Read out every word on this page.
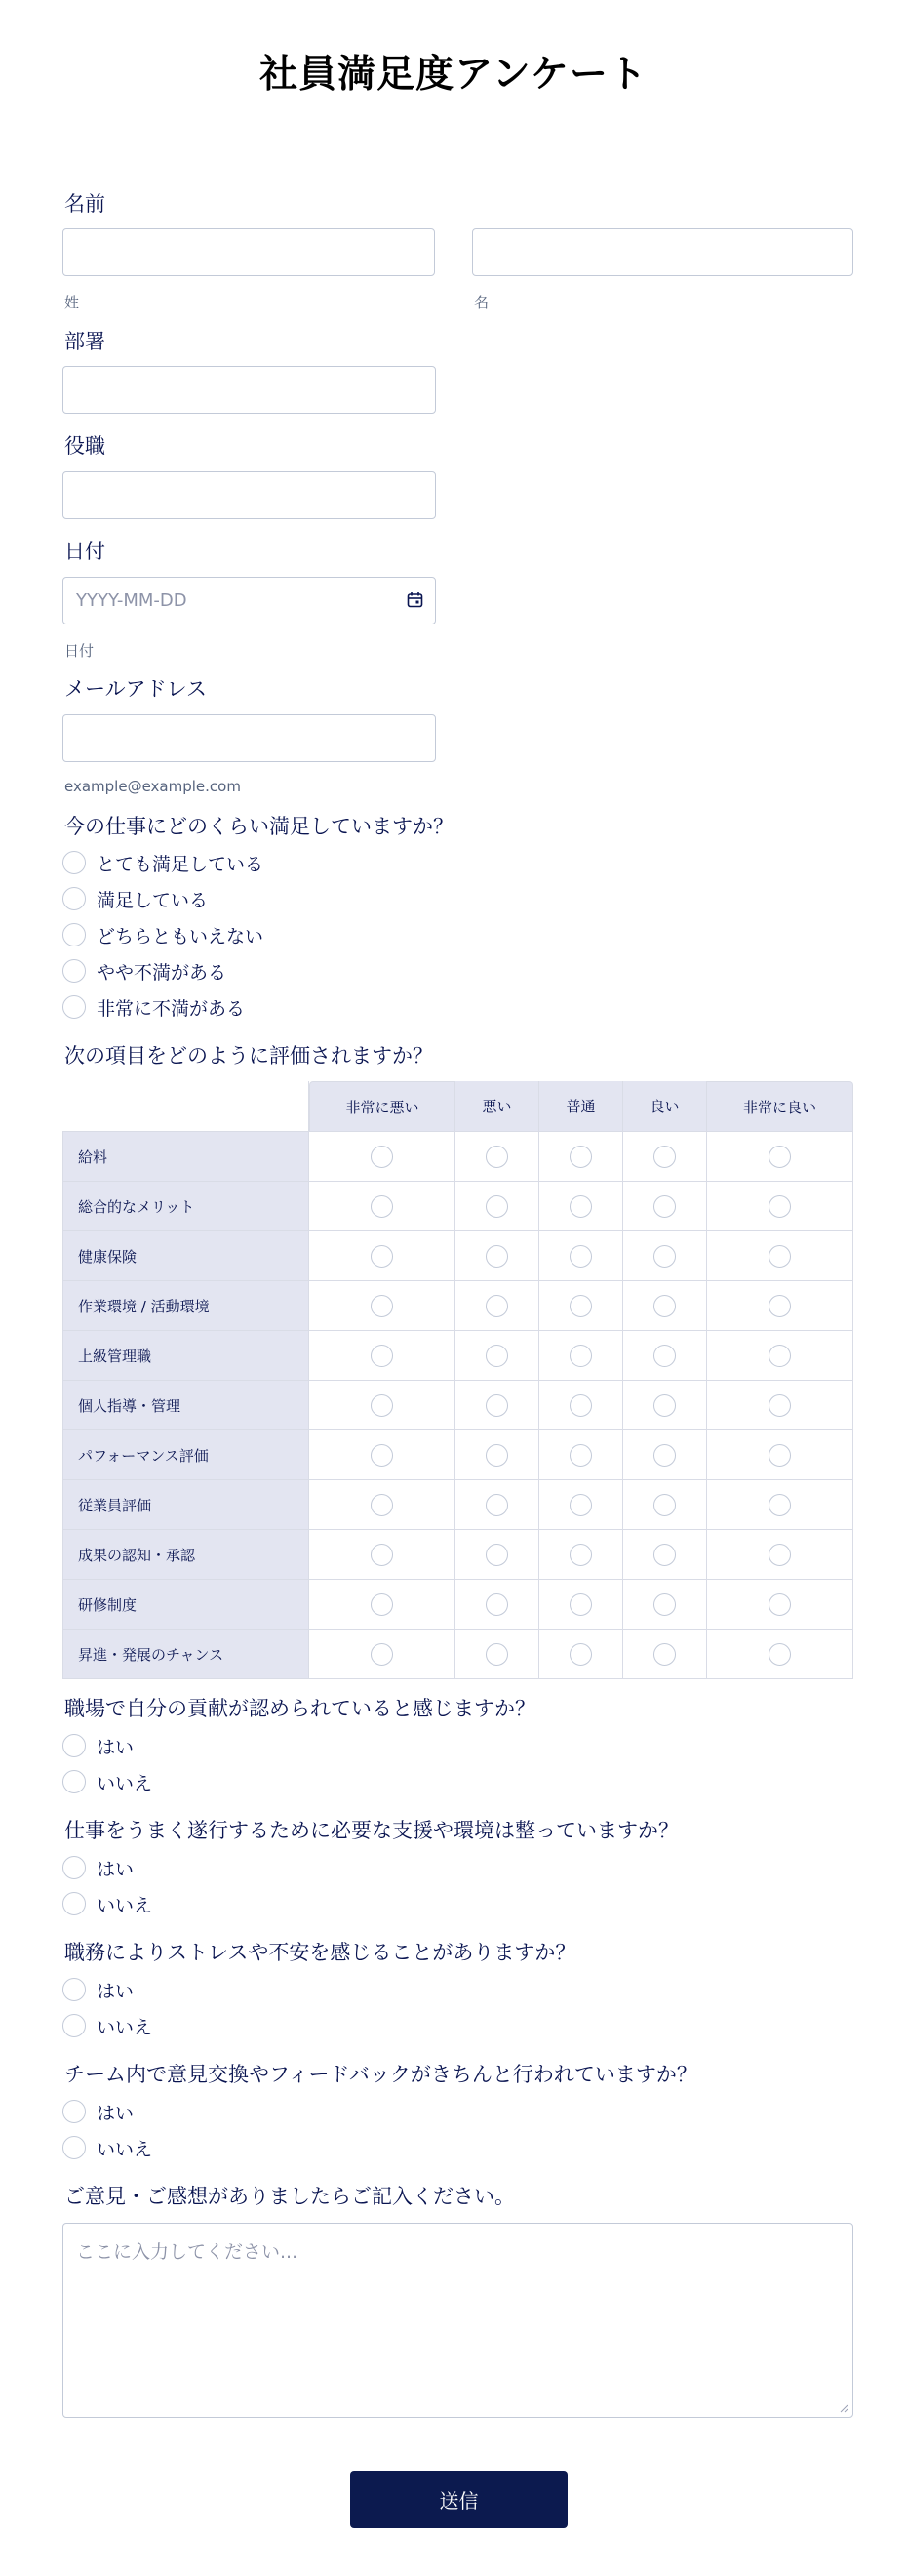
社員満足度アンケート
名前
姓	名
部署
役職
日付
YYYY-MM-DD
日付
メールアドレス
example@example.com
今の仕事にどのくらい満足していますか？
とても満足している
満足している
どちらともいえない
やや不満がある
非常に不満がある
次の項目をどのように評価されますか？
	非常に悪い	悪い	普通	良い	非常に良い
給料					
総合的なメリット					
健康保険					
作業環境 / 活動環境					
上級管理職					
個人指導・管理					
パフォーマンス評価					
従業員評価					
成果の認知・承認					
研修制度					
昇進・発展のチャンス					
職場で自分の貢献が認められていると感じますか？
はい
いいえ
仕事をうまく遂行するために必要な支援や環境は整っていますか？
はい
いいえ
職務によりストレスや不安を感じることがありますか？
はい
いいえ
チーム内で意見交換やフィードバックがきちんと行われていますか？
はい
いいえ
ご意見・ご感想がありましたらご記入ください。
ここに入力してください...
送信
